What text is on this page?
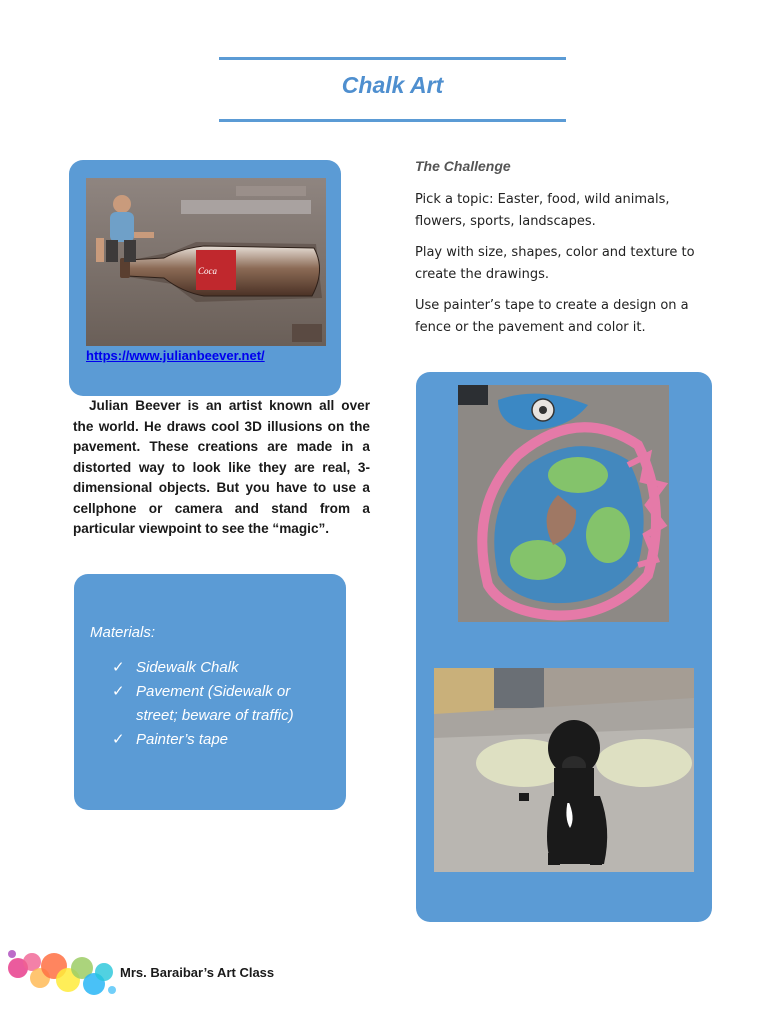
Chalk Art
Coca
https://www.julianbeever.net/

Julian Beever is an artist known all over the world. He draws cool 3D illusions on the pavement. These creations are made in a distorted way to look like they are real, 3-dimensional objects. But you have to use a cellphone or camera and stand from a particular viewpoint to see the “magic”.

Materials:
✓ Sidewalk Chalk
✓ Pavement (Sidewalk or street; beware of traffic)
✓ Painter’s tape
The Challenge

Pick a topic: Easter, food, wild animals, flowers, sports, landscapes.

Play with size, shapes, color and texture to create the drawings.

Use painter’s tape to create a design on a fence or the pavement and color it.

Mrs. Baraibar’s Art Class
